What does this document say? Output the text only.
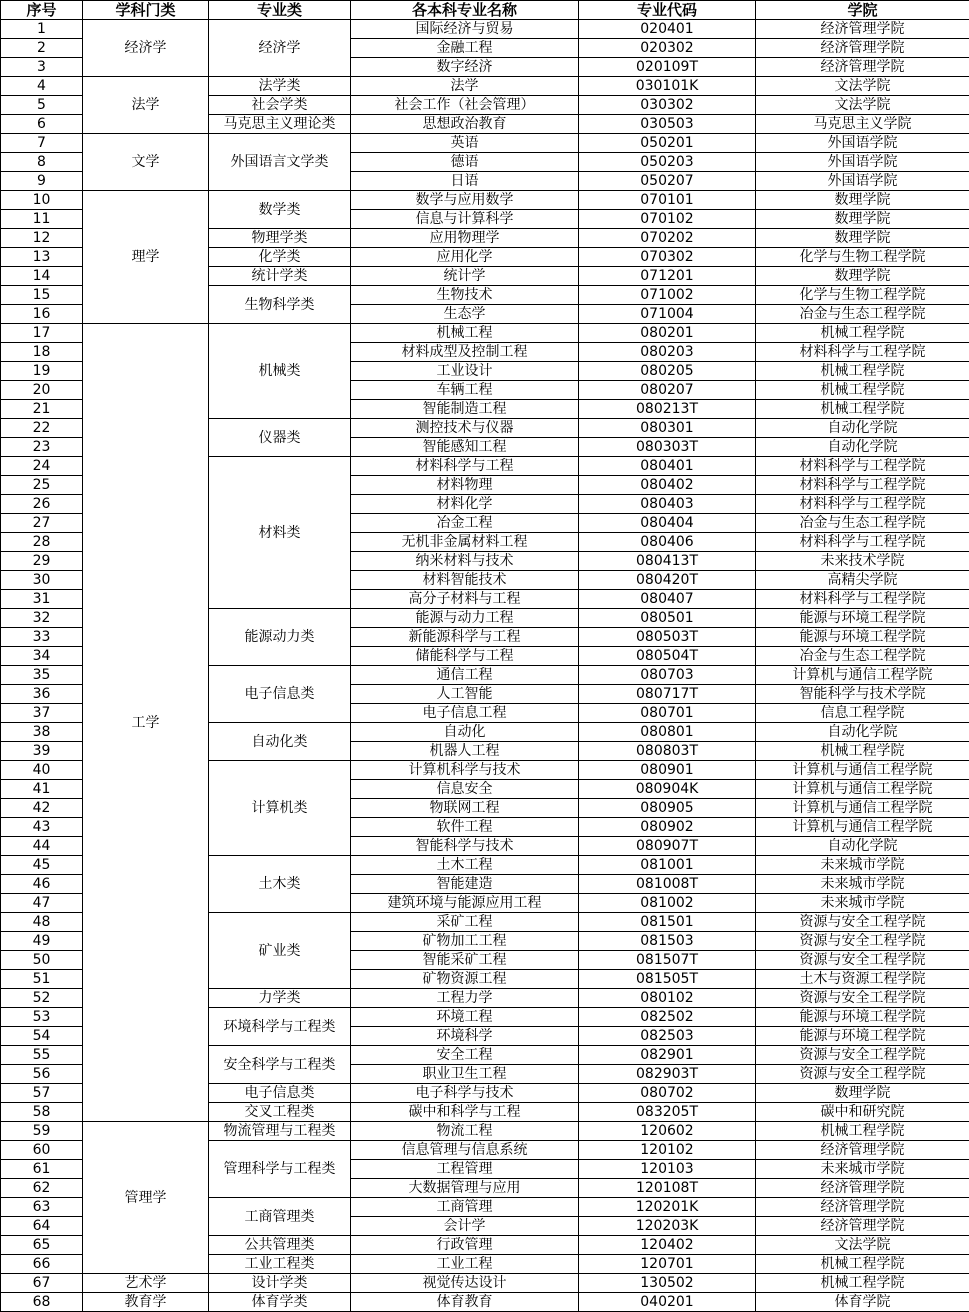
序号	学科门类	专业类	各本科专业名称	专业代码	学院
1	经济学	经济学	国际经济与贸易	020401	经济管理学院
2			金融工程	020302	经济管理学院
3			数字经济	020109T	经济管理学院
4	法学	法学类	法学	030101K	文法学院
5		社会学类	社会工作（社会管理）	030302	文法学院
6		马克思主义理论类	思想政治教育	030503	马克思主义学院
7	文学	外国语言文学类	英语	050201	外国语学院
8			德语	050203	外国语学院
9			日语	050207	外国语学院
10	理学	数学类	数学与应用数学	070101	数理学院
11			信息与计算科学	070102	数理学院
12		物理学类	应用物理学	070202	数理学院
13		化学类	应用化学	070302	化学与生物工程学院
14		统计学类	统计学	071201	数理学院
15		生物科学类	生物技术	071002	化学与生物工程学院
16			生态学	071004	冶金与生态工程学院
17	工学	机械类	机械工程	080201	机械工程学院
18			材料成型及控制工程	080203	材料科学与工程学院
19			工业设计	080205	机械工程学院
20			车辆工程	080207	机械工程学院
21			智能制造工程	080213T	机械工程学院
22		仪器类	测控技术与仪器	080301	自动化学院
23			智能感知工程	080303T	自动化学院
24		材料类	材料科学与工程	080401	材料科学与工程学院
25			材料物理	080402	材料科学与工程学院
26			材料化学	080403	材料科学与工程学院
27			冶金工程	080404	冶金与生态工程学院
28			无机非金属材料工程	080406	材料科学与工程学院
29			纳米材料与技术	080413T	未来技术学院
30			材料智能技术	080420T	高精尖学院
31			高分子材料与工程	080407	材料科学与工程学院
32		能源动力类	能源与动力工程	080501	能源与环境工程学院
33			新能源科学与工程	080503T	能源与环境工程学院
34			储能科学与工程	080504T	冶金与生态工程学院
35		电子信息类	通信工程	080703	计算机与通信工程学院
36			人工智能	080717T	智能科学与技术学院
37			电子信息工程	080701	信息工程学院
38		自动化类	自动化	080801	自动化学院
39			机器人工程	080803T	机械工程学院
40		计算机类	计算机科学与技术	080901	计算机与通信工程学院
41			信息安全	080904K	计算机与通信工程学院
42			物联网工程	080905	计算机与通信工程学院
43			软件工程	080902	计算机与通信工程学院
44			智能科学与技术	080907T	自动化学院
45		土木类	土木工程	081001	未来城市学院
46			智能建造	081008T	未来城市学院
47			建筑环境与能源应用工程	081002	未来城市学院
48		矿业类	采矿工程	081501	资源与安全工程学院
49			矿物加工工程	081503	资源与安全工程学院
50			智能采矿工程	081507T	资源与安全工程学院
51			矿物资源工程	081505T	土木与资源工程学院
52		力学类	工程力学	080102	资源与安全工程学院
53		环境科学与工程类	环境工程	082502	能源与环境工程学院
54			环境科学	082503	能源与环境工程学院
55		安全科学与工程类	安全工程	082901	资源与安全工程学院
56			职业卫生工程	082903T	资源与安全工程学院
57		电子信息类	电子科学与技术	080702	数理学院
58		交叉工程类	碳中和科学与工程	083205T	碳中和研究院
59	管理学	物流管理与工程类	物流工程	120602	机械工程学院
60		管理科学与工程类	信息管理与信息系统	120102	经济管理学院
61			工程管理	120103	未来城市学院
62			大数据管理与应用	120108T	经济管理学院
63		工商管理类	工商管理	120201K	经济管理学院
64			会计学	120203K	经济管理学院
65		公共管理类	行政管理	120402	文法学院
66		工业工程类	工业工程	120701	机械工程学院
67	艺术学	设计学类	视觉传达设计	130502	机械工程学院
68	教育学	体育学类	体育教育	040201	体育学院
